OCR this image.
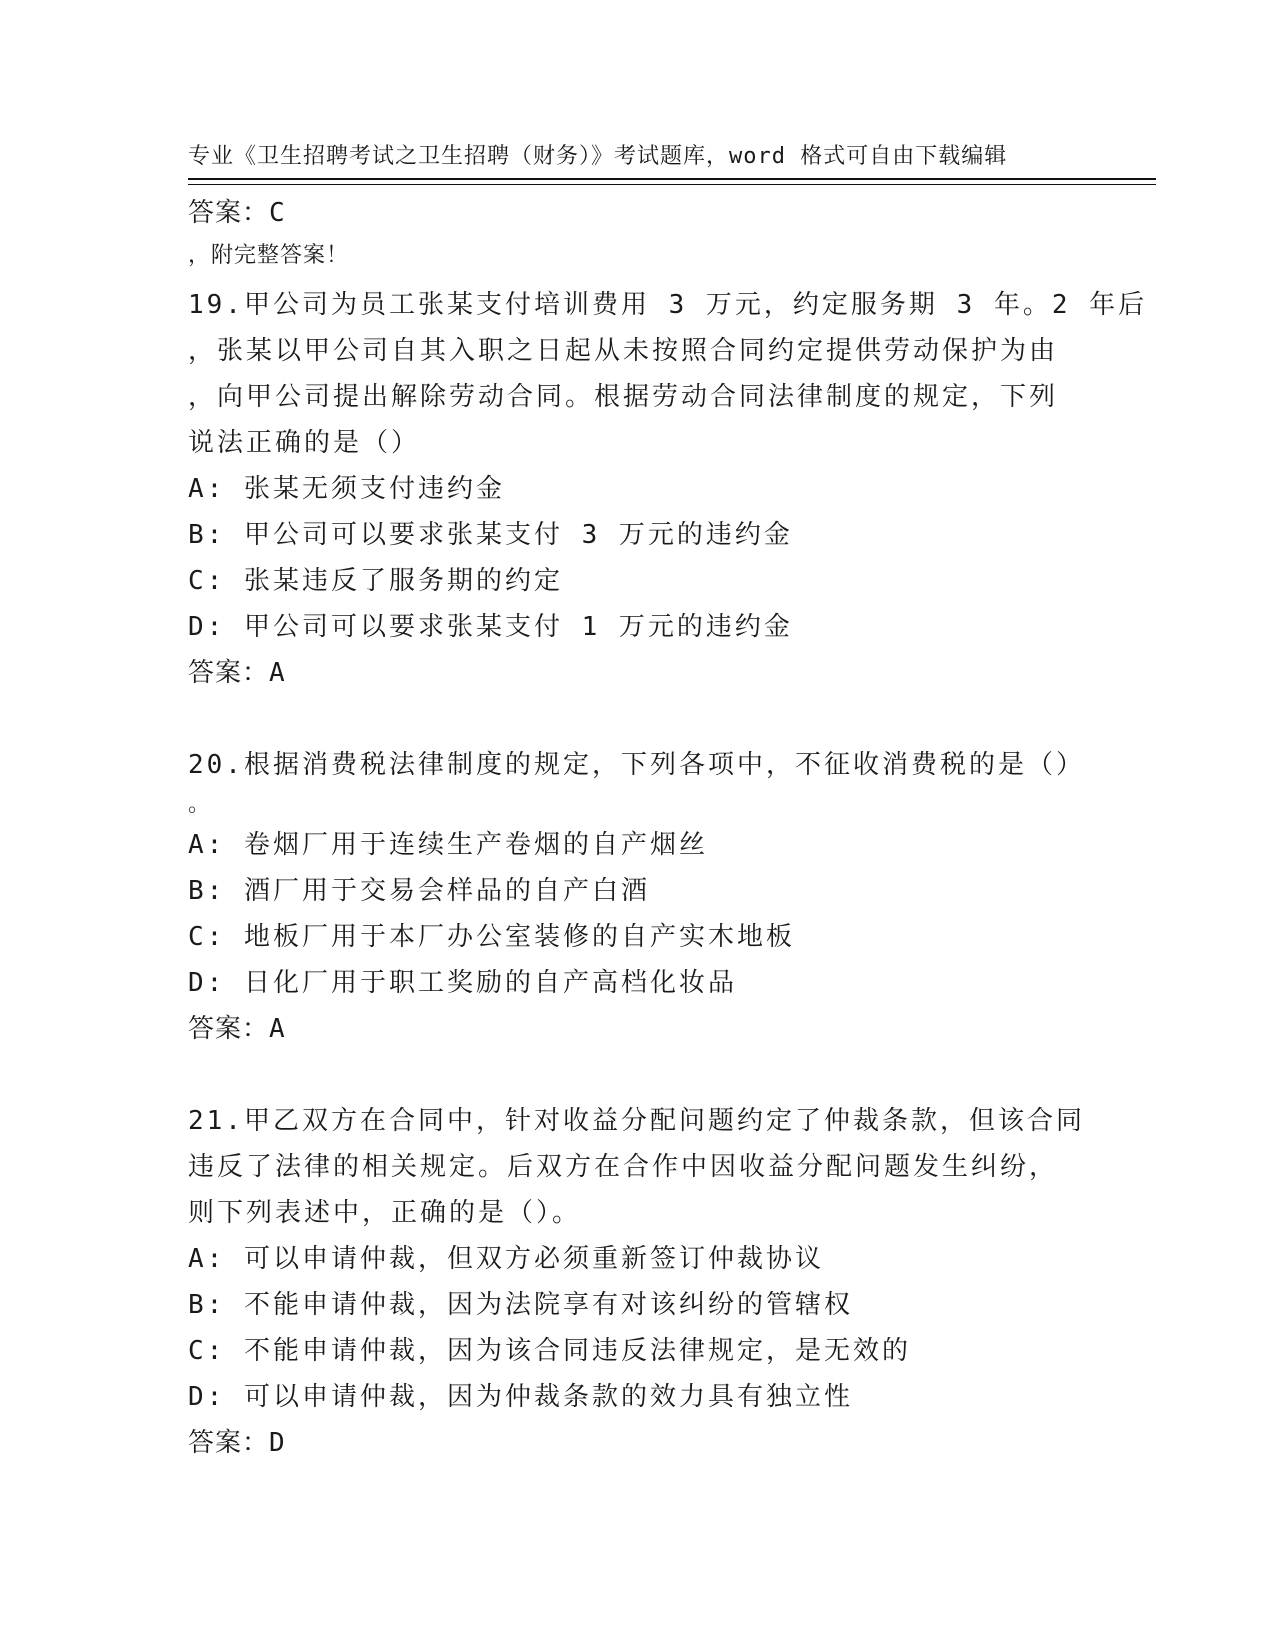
专业《卫生招聘考试之卫生招聘（财务）》考试题库，word 格式可自由下载编辑

，附完整答案！

答案：C
19.甲公司为员工张某支付培训费用 3 万元，约定服务期 3 年。2 年后
，张某以甲公司自其入职之日起从未按照合同约定提供劳动保护为由
，向甲公司提出解除劳动合同。根据劳动合同法律制度的规定，下列
说法正确的是（）
A: 张某无须支付违约金
B: 甲公司可以要求张某支付 3 万元的违约金
C: 张某违反了服务期的约定
D: 甲公司可以要求张某支付 1 万元的违约金
答案：A
20.根据消费税法律制度的规定，下列各项中，不征收消费税的是（）
。
A: 卷烟厂用于连续生产卷烟的自产烟丝
B: 酒厂用于交易会样品的自产白酒
C: 地板厂用于本厂办公室装修的自产实木地板
D: 日化厂用于职工奖励的自产高档化妆品
答案：A
21.甲乙双方在合同中，针对收益分配问题约定了仲裁条款，但该合同
违反了法律的相关规定。后双方在合作中因收益分配问题发生纠纷，
则下列表述中，正确的是（）。
A: 可以申请仲裁，但双方必须重新签订仲裁协议
B: 不能申请仲裁，因为法院享有对该纠纷的管辖权
C: 不能申请仲裁，因为该合同违反法律规定，是无效的
D: 可以申请仲裁，因为仲裁条款的效力具有独立性
答案：D
